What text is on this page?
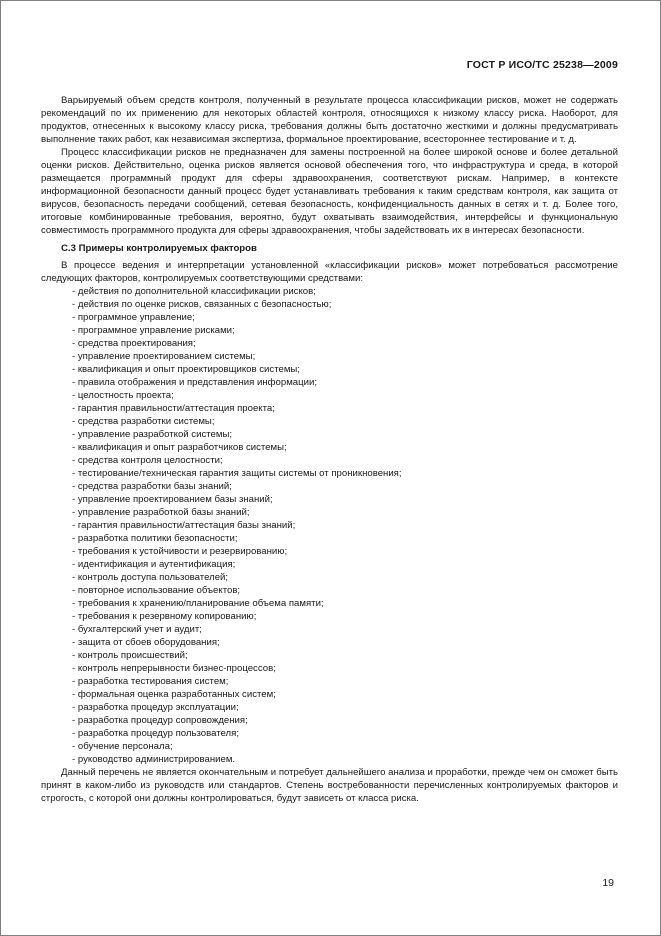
ГОСТ Р ИСО/ТС 25238—2009

Варьируемый объем средств контроля, полученный в результате процесса классификации рисков, может не содержать рекомендаций по их применению для некоторых областей контроля, относящихся к низкому классу риска. Наоборот, для продуктов, отнесенных к высокому классу риска, требования должны быть достаточно жесткими и должны предусматривать выполнение таких работ, как независимая экспертиза, формальное проектирование, всестороннее тестирование и т. д.

Процесс классификации рисков не предназначен для замены построенной на более широкой основе и более детальной оценки рисков. Действительно, оценка рисков является основой обеспечения того, что инфраструктура и среда, в которой размещается программный продукт для сферы здравоохранения, соответствуют рискам. Например, в контексте информационной безопасности данный процесс будет устанавливать требования к таким средствам контроля, как защита от вирусов, безопасность передачи сообщений, сетевая безопасность, конфиденциальность данных в сетях и т. д. Более того, итоговые комбинированные требования, вероятно, будут охватывать взаимодействия, интерфейсы и функциональную совместимость программного продукта для сферы здравоохранения, чтобы задействовать их в интересах безопасности.

С.3 Примеры контролируемых факторов

В процессе ведения и интерпретации установленной «классификации рисков» может потребоваться рассмотрение следующих факторов, контролируемых соответствующими средствами:

- действия по дополнительной классификации рисков;
- действия по оценке рисков, связанных с безопасностью;
- программное управление;
- программное управление рисками;
- средства проектирования;
- управление проектированием системы;
- квалификация и опыт проектировщиков системы;
- правила отображения и представления информации;
- целостность проекта;
- гарантия правильности/аттестация проекта;
- средства разработки системы;
- управление разработкой системы;
- квалификация и опыт разработчиков системы;
- средства контроля целостности;
- тестирование/техническая гарантия защиты системы от проникновения;
- средства разработки базы знаний;
- управление проектированием базы знаний;
- управление разработкой базы знаний;
- гарантия правильности/аттестация базы знаний;
- разработка политики безопасности;
- требования к устойчивости и резервированию;
- идентификация и аутентификация;
- контроль доступа пользователей;
- повторное использование объектов;
- требования к хранению/планирование объема памяти;
- требования к резервному копированию;
- бухгалтерский учет и аудит;
- защита от сбоев оборудования;
- контроль происшествий;
- контроль непрерывности бизнес-процессов;
- разработка тестирования систем;
- формальная оценка разработанных систем;
- разработка процедур эксплуатации;
- разработка процедур сопровождения;
- разработка процедур пользователя;
- обучение персонала;
- руководство администрированием.

Данный перечень не является окончательным и потребует дальнейшего анализа и проработки, прежде чем он сможет быть принят в каком-либо из руководств или стандартов. Степень востребованности перечисленных контролируемых факторов и строгость, с которой они должны контролироваться, будут зависеть от класса риска.

19
